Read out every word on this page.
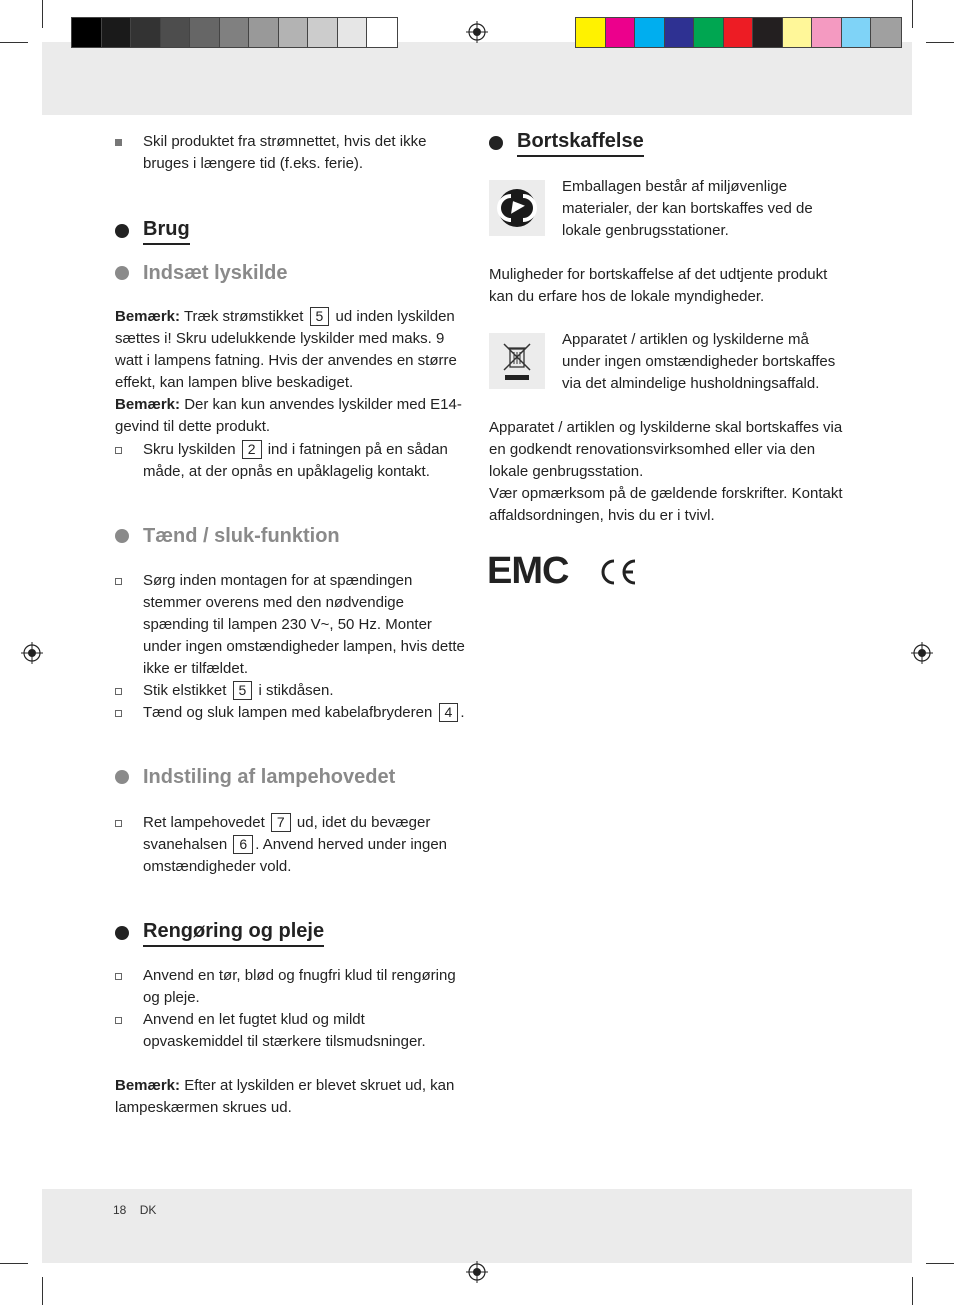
Skil produktet fra strømnettet, hvis det ikke bruges i længere tid (f.eks. ferie).
Brug
Indsæt lyskilde
Bemærk: Træk strømstikket 5 ud inden lyskilden sættes i! Skru udelukkende lyskilder med maks. 9 watt i lampens fatning. Hvis der anvendes en større effekt, kan lampen blive beskadiget.
Bemærk: Der kan kun anvendes lyskilder med E14-gevind til dette produkt.
Skru lyskilden 2 ind i fatningen på en sådan måde, at der opnås en upåklagelig kontakt.
Tænd / sluk-funktion
Sørg inden montagen for at spændingen stemmer overens med den nødvendige spænding til lampen 230 V~, 50 Hz. Monter under ingen omstændigheder lampen, hvis dette ikke er tilfældet.
Stik elstikket 5 i stikdåsen.
Tænd og sluk lampen med kabelafbryderen 4 .
Indstiling af lampehovedet
Ret lampehovedet 7 ud, idet du bevæger svanehalsen 6 . Anvend herved under ingen omstændigheder vold.
Rengøring og pleje
Anvend en tør, blød og fnugfri klud til rengøring og pleje.
Anvend en let fugtet klud og mildt opvaskemiddel til stærkere tilsmudsninger.
Bemærk: Efter at lyskilden er blevet skruet ud, kan lampeskærmen skrues ud.
Bortskaffelse
Emballagen består af miljøvenlige materialer, der kan bortskaffes ved de lokale genbrugsstationer.
Muligheder for bortskaffelse af det udtjente produkt kan du erfare hos de lokale myndigheder.
Apparatet / artiklen og lyskilderne må under ingen omstændigheder bortskaffes via det almindelige husholdningsaffald.
Apparatet / artiklen og lyskilderne skal bortskaffes via en godkendt renovationsvirksomhed eller via den lokale genbrugsstation.
Vær opmærksom på de gældende forskrifter. Kontakt affaldsordningen, hvis du er i tvivl.
EMC
18 DK
